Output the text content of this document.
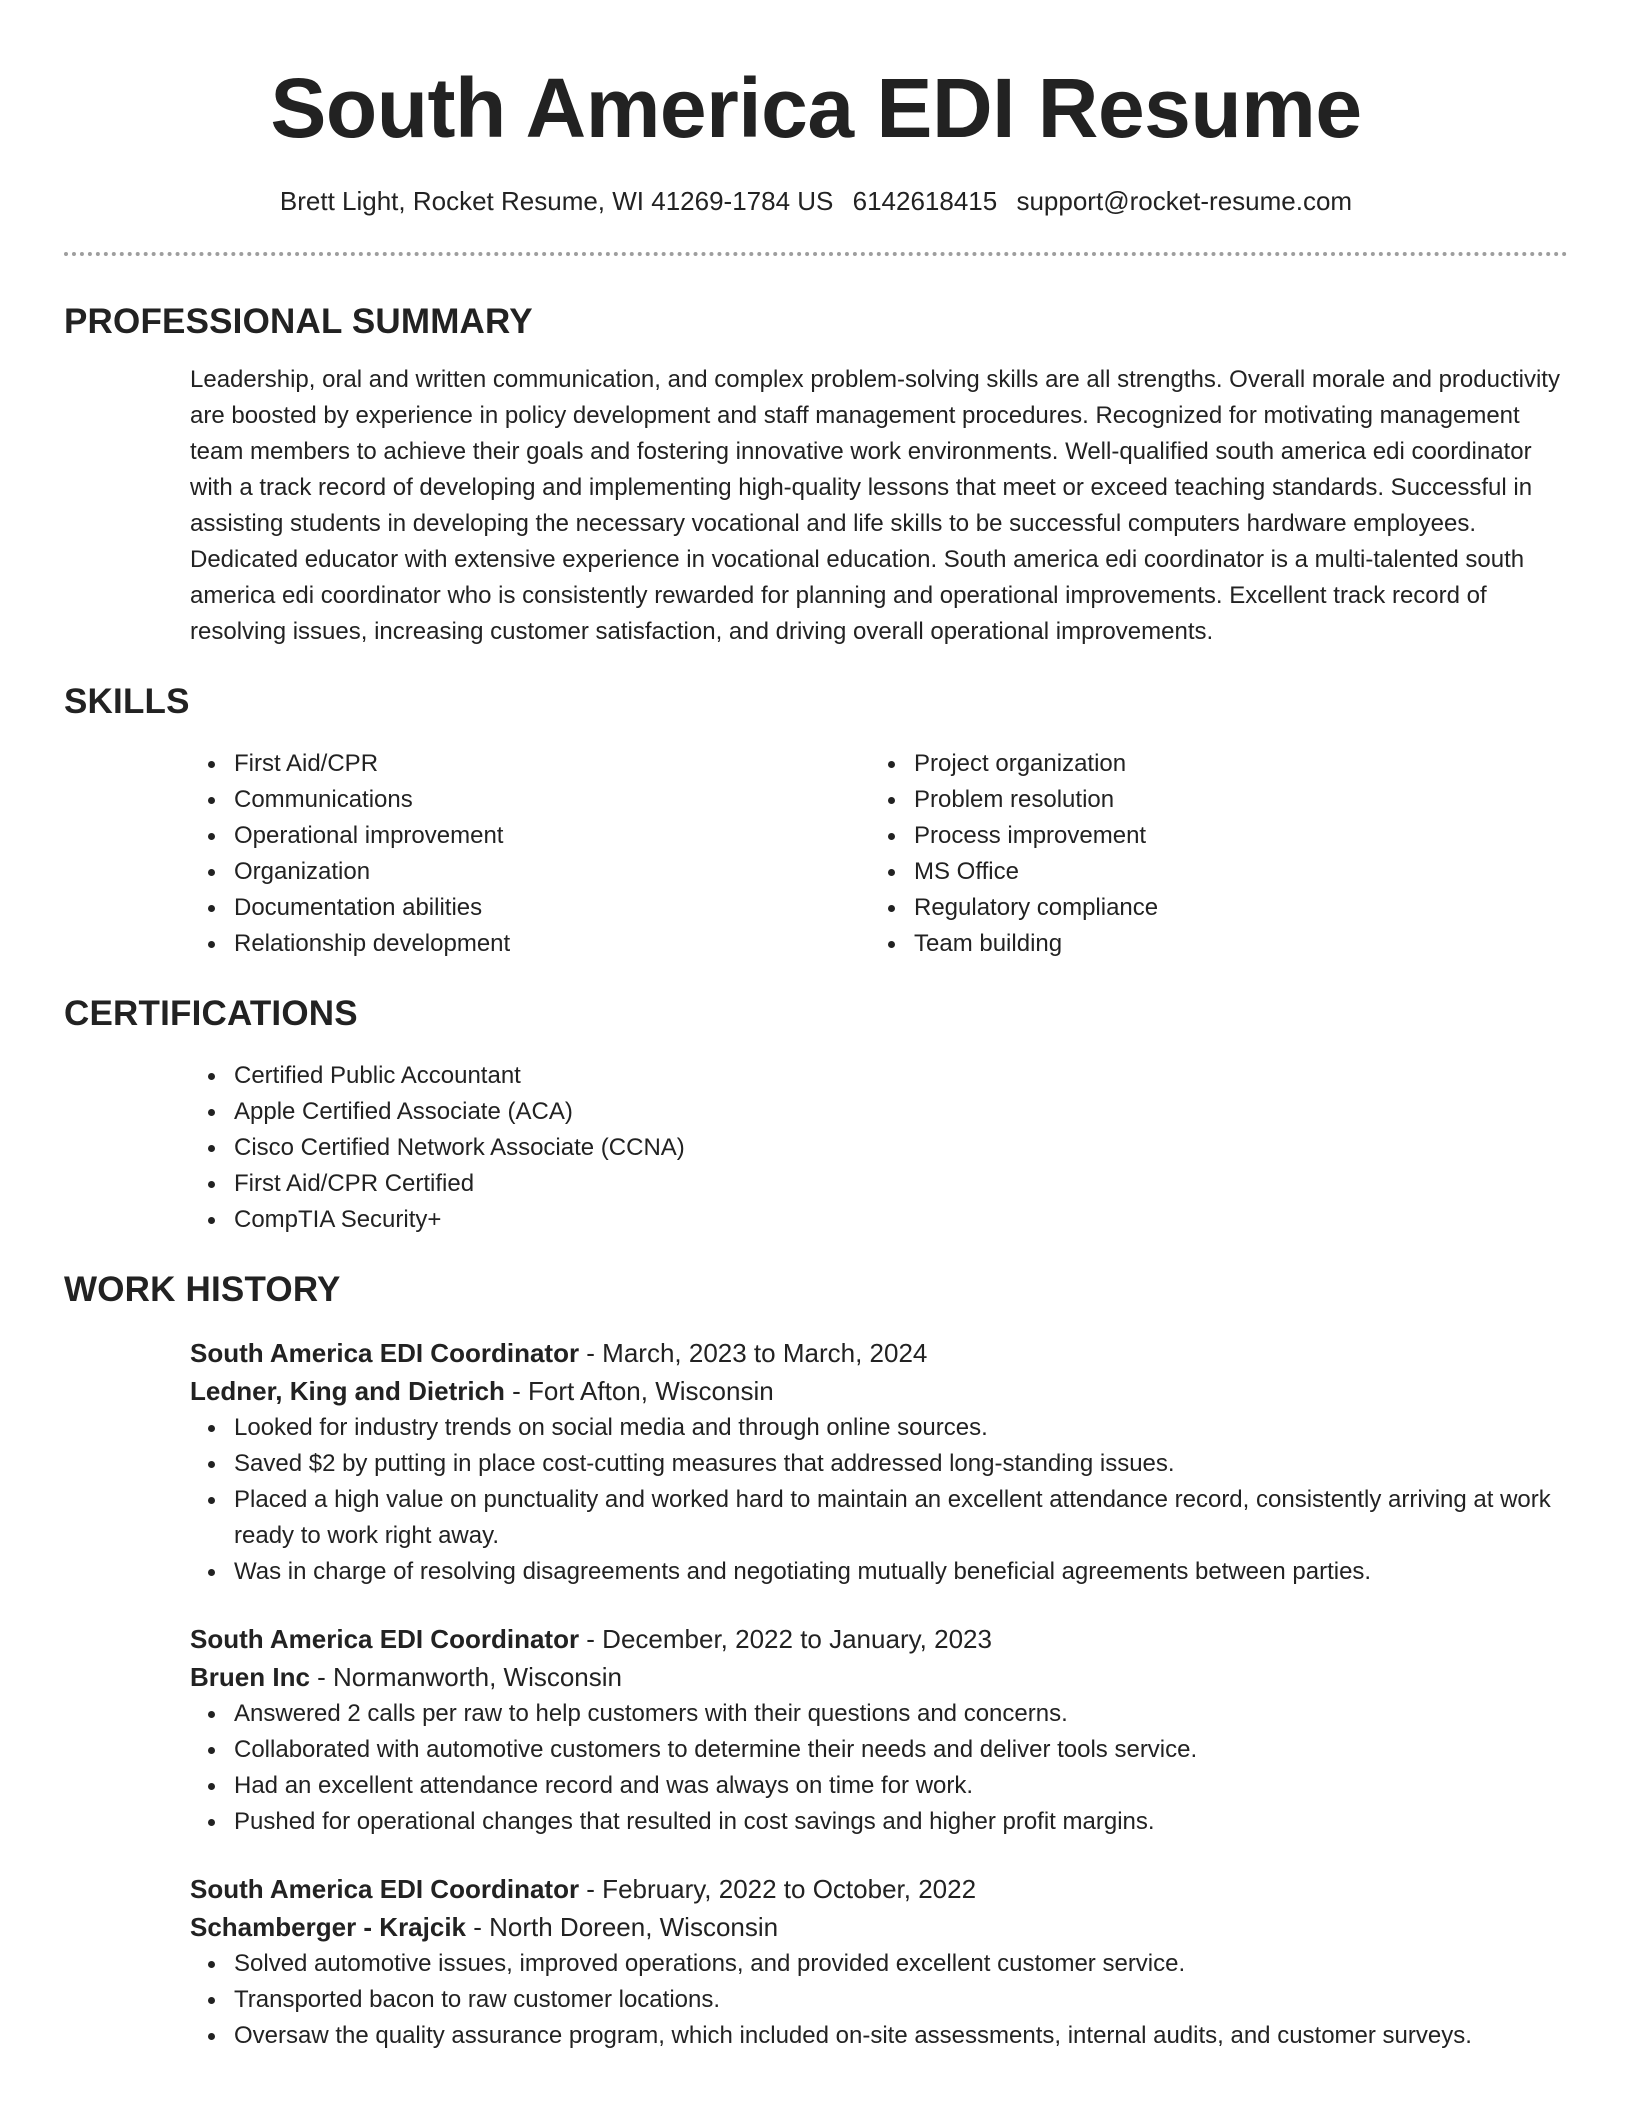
South America EDI Resume
Brett Light, Rocket Resume, WI 41269-1784 US 6142618415 support@rocket-resume.com
PROFESSIONAL SUMMARY

Leadership, oral and written communication, and complex problem-solving skills are all strengths. Overall morale and productivity are boosted by experience in policy development and staff management procedures. Recognized for motivating management team members to achieve their goals and fostering innovative work environments. Well-qualified south america edi coordinator with a track record of developing and implementing high-quality lessons that meet or exceed teaching standards. Successful in assisting students in developing the necessary vocational and life skills to be successful computers hardware employees. Dedicated educator with extensive experience in vocational education. South america edi coordinator is a multi-talented south america edi coordinator who is consistently rewarded for planning and operational improvements. Excellent track record of resolving issues, increasing customer satisfaction, and driving overall operational improvements.

SKILLS
First Aid/CPR
Communications
Operational improvement
Organization
Documentation abilities
Relationship development
Project organization
Problem resolution
Process improvement
MS Office
Regulatory compliance
Team building
CERTIFICATIONS
Certified Public Accountant
Apple Certified Associate (ACA)
Cisco Certified Network Associate (CCNA)
First Aid/CPR Certified
CompTIA Security+
WORK HISTORY
South America EDI Coordinator - March, 2023 to March, 2024
Ledner, King and Dietrich - Fort Afton, Wisconsin
Looked for industry trends on social media and through online sources.
Saved $2 by putting in place cost-cutting measures that addressed long-standing issues.
Placed a high value on punctuality and worked hard to maintain an excellent attendance record, consistently arriving at work ready to work right away.
Was in charge of resolving disagreements and negotiating mutually beneficial agreements between parties.
South America EDI Coordinator - December, 2022 to January, 2023
Bruen Inc - Normanworth, Wisconsin
Answered 2 calls per raw to help customers with their questions and concerns.
Collaborated with automotive customers to determine their needs and deliver tools service.
Had an excellent attendance record and was always on time for work.
Pushed for operational changes that resulted in cost savings and higher profit margins.
South America EDI Coordinator - February, 2022 to October, 2022
Schamberger - Krajcik - North Doreen, Wisconsin
Solved automotive issues, improved operations, and provided excellent customer service.
Transported bacon to raw customer locations.
Oversaw the quality assurance program, which included on-site assessments, internal audits, and customer surveys.
